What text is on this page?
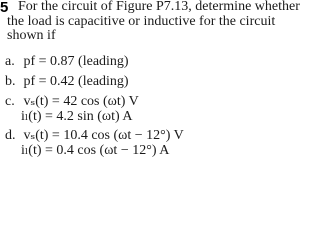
5 For the circuit of Figure P7.13, determine whether
the load is capacitive or inductive for the circuit
shown if
a. pf = 0.87 (leading)
b. pf = 0.42 (leading)
c. vₛ(t) = 42 cos (ωt) V
iₗ(t) = 4.2 sin (ωt) A
d. vₛ(t) = 10.4 cos (ωt − 12°) V
iₗ(t) = 0.4 cos (ωt − 12°) A
